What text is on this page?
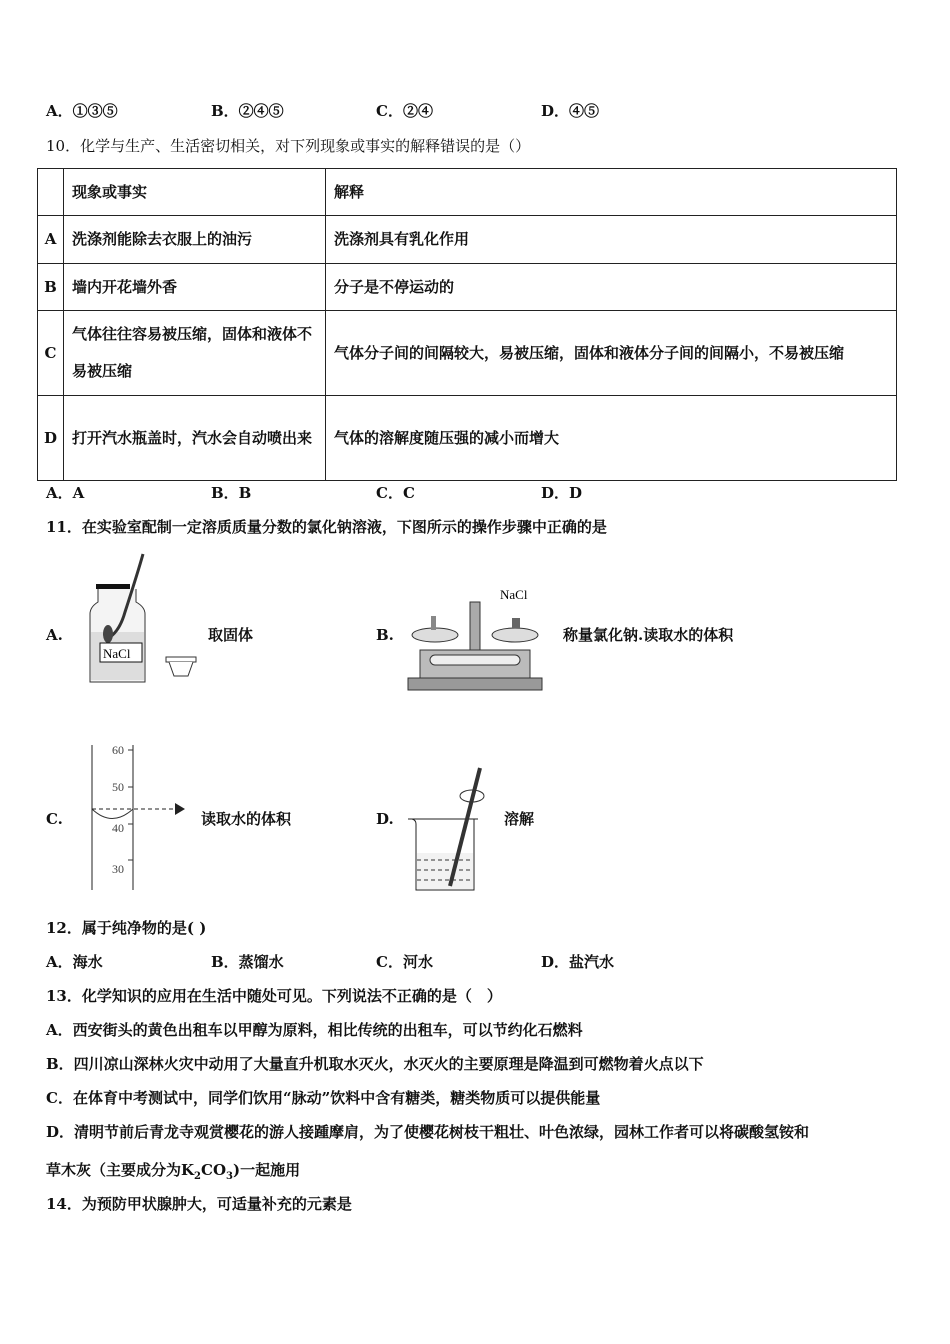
A．①③⑤	B．②④⑤	C．②④	D．④⑤
10．化学与生产、生活密切相关，对下列现象或事实的解释错误的是（）
	现象或事实	解释
A	洗涤剂能除去衣服上的油污	洗涤剂具有乳化作用
B	墙内开花墙外香	分子是不停运动的
C	气体往往容易被压缩，固体和液体不易被压缩	气体分子间的间隔较大，易被压缩，固体和液体分子间的间隔小，不易被压缩
D	打开汽水瓶盖时，汽水会自动喷出来	气体的溶解度随压强的减小而增大
A．A	B．B	C．C	D．D
11．在实验室配制一定溶质质量分数的氯化钠溶液，下图所示的操作步骤中正确的是
A.
NaCl
取固体	B.
NaCl
称量氯化钠.读取水的体积
C.
60
50
40
30
读取水的体积	D.	溶解
12．属于纯净物的是( )
A．海水	B．蒸馏水	C．河水	D．盐汽水
13．化学知识的应用在生活中随处可见。下列说法不正确的是（　）
A．西安街头的黄色出租车以甲醇为原料，相比传统的出租车，可以节约化石燃料
B．四川凉山深林火灾中动用了大量直升机取水灭火，水灭火的主要原理是降温到可燃物着火点以下
C．在体育中考测试中，同学们饮用“脉动”饮料中含有糖类，糖类物质可以提供能量
D．清明节前后青龙寺观赏樱花的游人接踵摩肩，为了使樱花树枝干粗壮、叶色浓绿，园林工作者可以将碳酸氢铵和
草木灰（主要成分为$K_2CO_3$)一起施用
14．为预防甲状腺肿大，可适量补充的元素是
